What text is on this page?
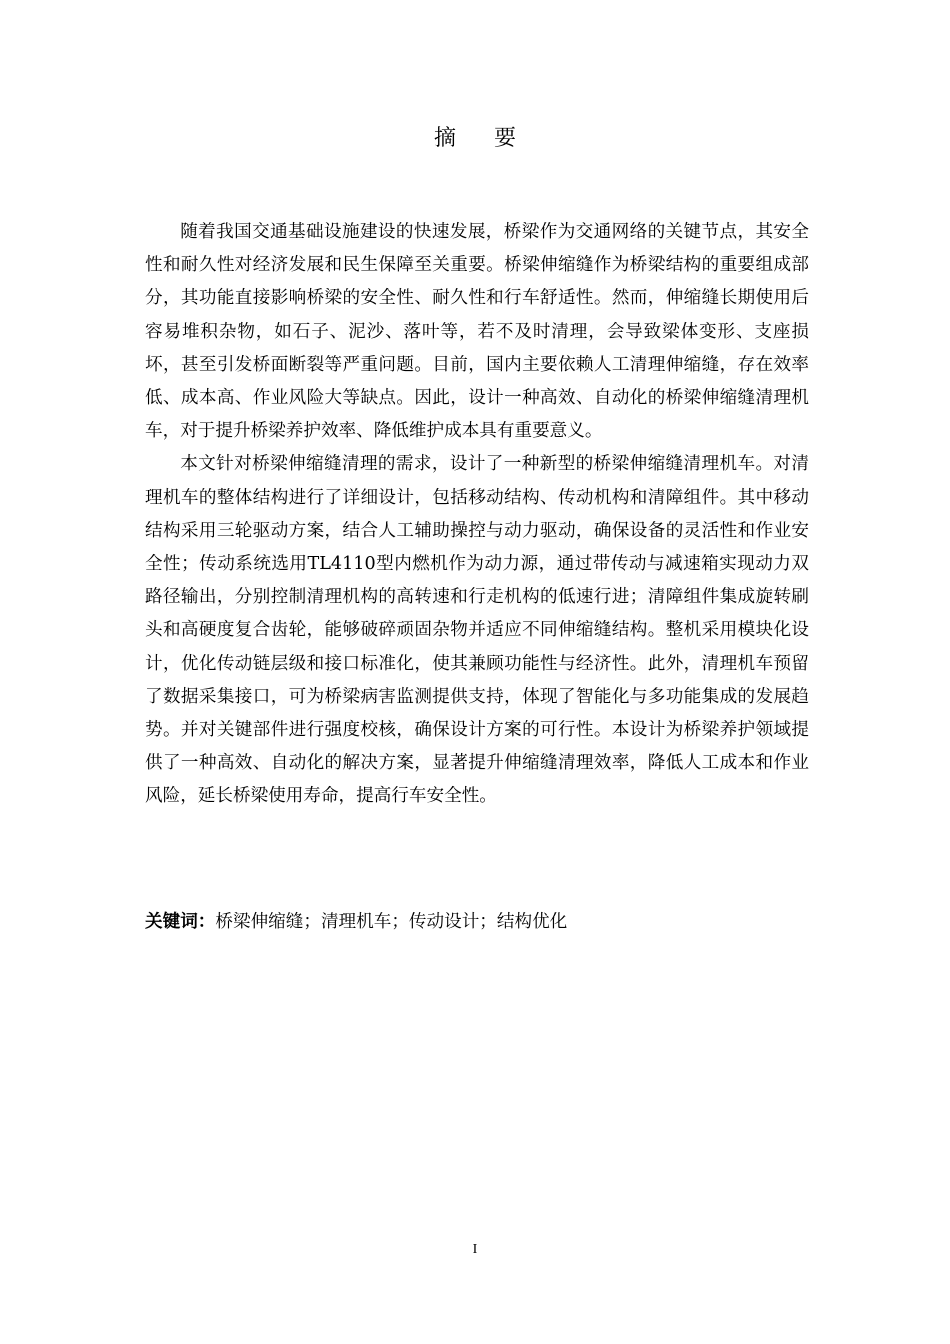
摘要

随着我国交通基础设施建设的快速发展，桥梁作为交通网络的关键节点，其安全性和耐久性对经济发展和民生保障至关重要。桥梁伸缩缝作为桥梁结构的重要组成部分，其功能直接影响桥梁的安全性、耐久性和行车舒适性。然而，伸缩缝长期使用后容易堆积杂物，如石子、泥沙、落叶等，若不及时清理，会导致梁体变形、支座损坏，甚至引发桥面断裂等严重问题。目前，国内主要依赖人工清理伸缩缝，存在效率低、成本高、作业风险大等缺点。因此，设计一种高效、自动化的桥梁伸缩缝清理机车，对于提升桥梁养护效率、降低维护成本具有重要意义。

本文针对桥梁伸缩缝清理的需求，设计了一种新型的桥梁伸缩缝清理机车。对清理机车的整体结构进行了详细设计，包括移动结构、传动机构和清障组件。其中移动结构采用三轮驱动方案，结合人工辅助操控与动力驱动，确保设备的灵活性和作业安全性；传动系统选用TL4110型内燃机作为动力源，通过带传动与减速箱实现动力双路径输出，分别控制清理机构的高转速和行走机构的低速行进；清障组件集成旋转刷头和高硬度复合齿轮，能够破碎顽固杂物并适应不同伸缩缝结构。整机采用模块化设计，优化传动链层级和接口标准化，使其兼顾功能性与经济性。此外，清理机车预留了数据采集接口，可为桥梁病害监测提供支持，体现了智能化与多功能集成的发展趋势。并对关键部件进行强度校核，确保设计方案的可行性。本设计为桥梁养护领域提供了一种高效、自动化的解决方案，显著提升伸缩缝清理效率，降低人工成本和作业风险，延长桥梁使用寿命，提高行车安全性。

关键词：桥梁伸缩缝；清理机车；传动设计；结构优化
I
